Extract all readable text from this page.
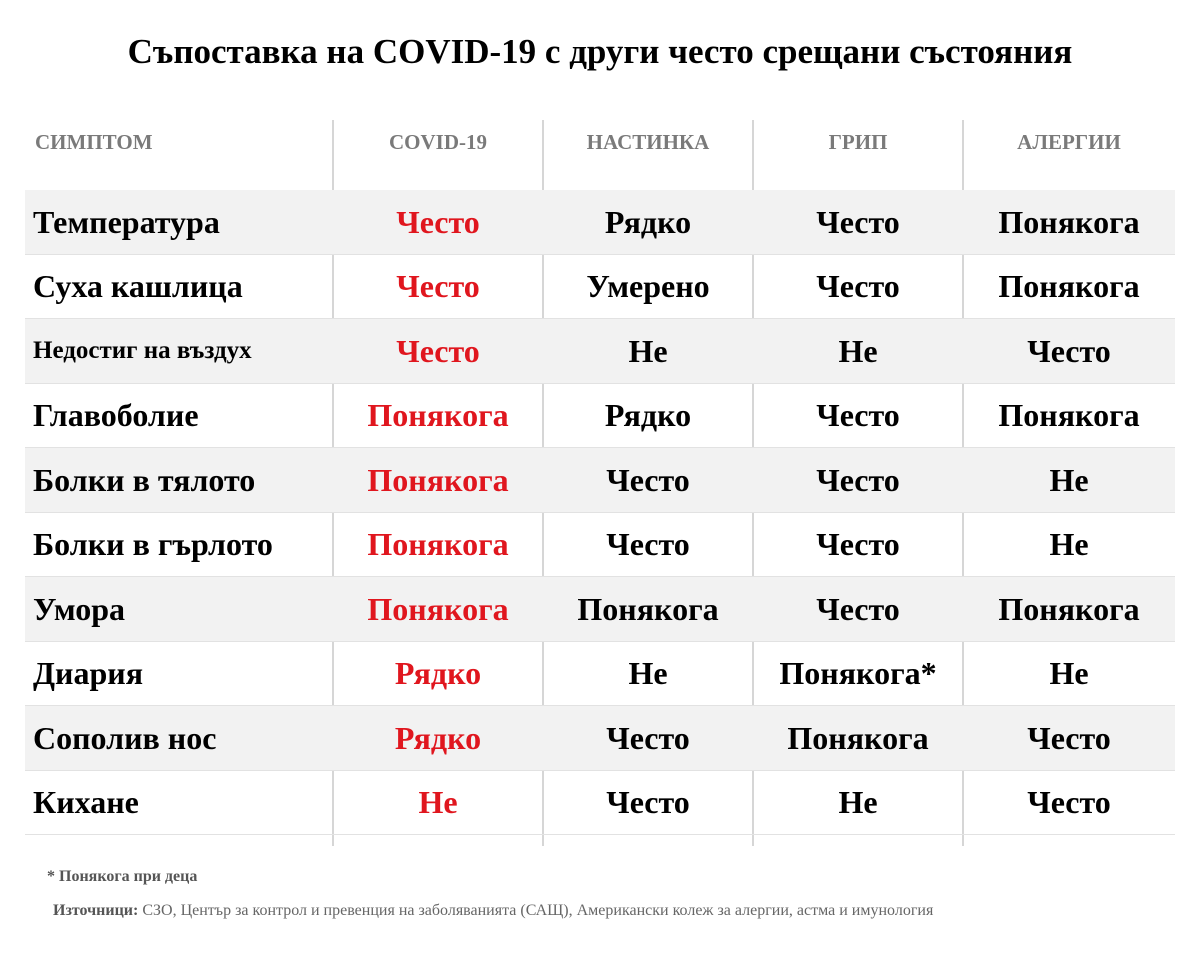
Съпоставка на COVID-19 с други често срещани състояния
СИМПТОМ	COVID-19	НАСТИНКА	ГРИП	АЛЕРГИИ
Температура	Често	Рядко	Често	Понякога
Суха кашлица	Често	Умерено	Често	Понякога
Недостиг на въздух	Често	Не	Не	Често
Главоболие	Понякога	Рядко	Често	Понякога
Болки в тялото	Понякога	Често	Често	Не
Болки в гърлото	Понякога	Често	Често	Не
Умора	Понякога	Понякога	Често	Понякога
Диария	Рядко	Не	Понякога*	Не
Сополив нос	Рядко	Често	Понякога	Често
Кихане	Не	Често	Не	Често
* Понякога при деца
Източници: СЗО, Център за контрол и превенция на заболяванията (САЩ), Американски колеж за алергии, астма и имунология
